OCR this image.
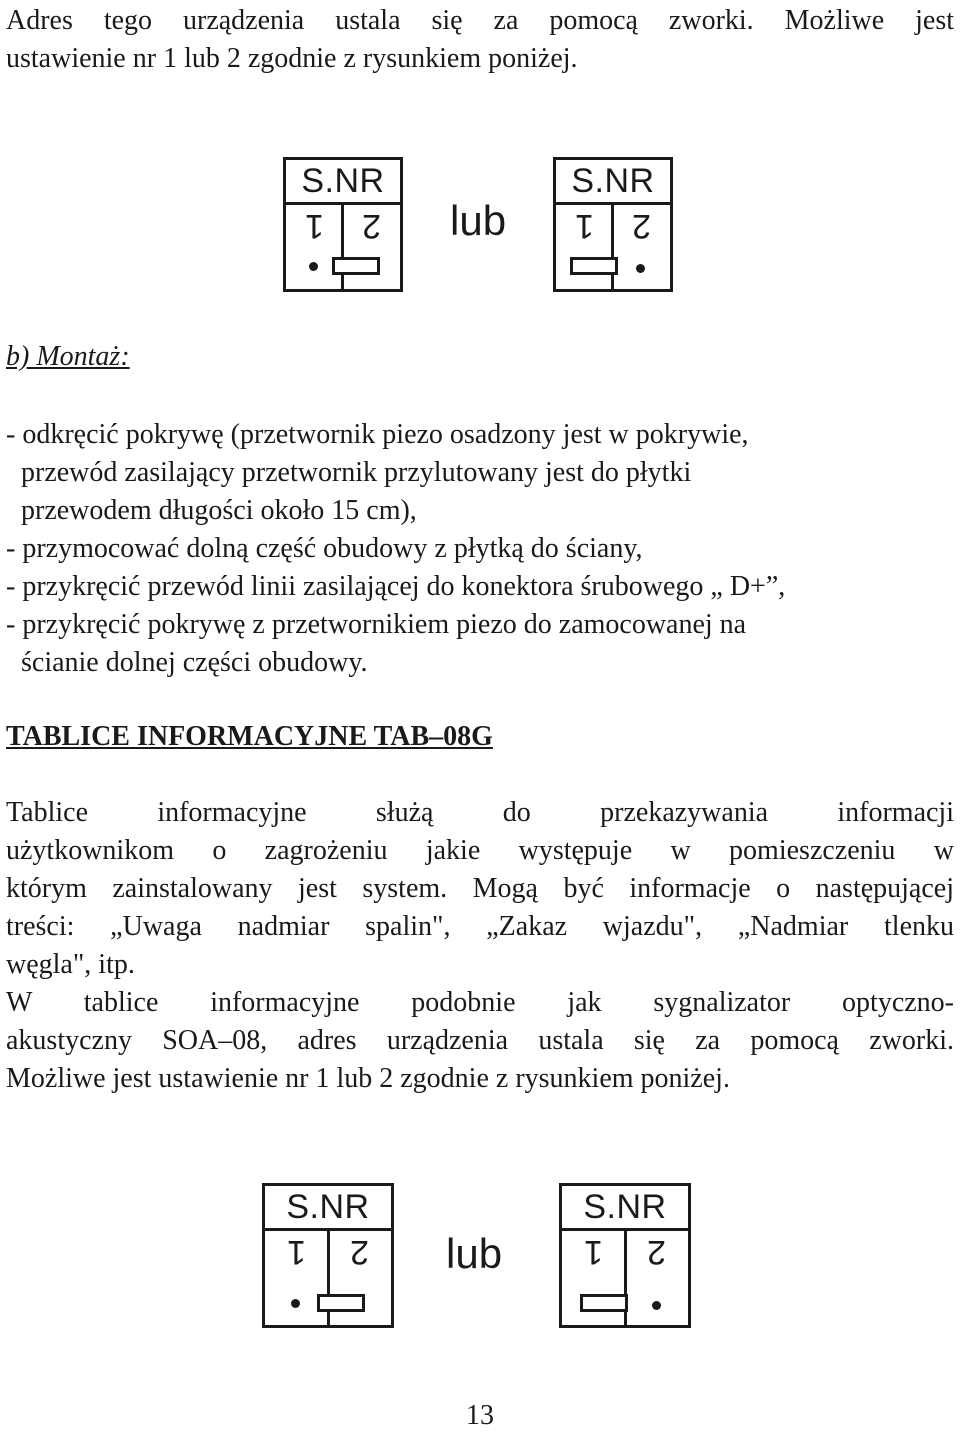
Adres tego urządzenia ustala się za pomocą zworki. Możliwe jest
ustawienie nr 1 lub 2 zgodnie z rysunkiem poniżej.
S.NR
1	2	lub
S.NR
1	2
b) Montaż:
- odkręcić pokrywę (przetwornik piezo osadzony jest w pokrywie,
przewód zasilający przetwornik przylutowany jest do płytki
przewodem długości około 15 cm),
- przymocować dolną część obudowy z płytką do ściany,
- przykręcić przewód linii zasilającej do konektora śrubowego „ D+”,
- przykręcić pokrywę z przetwornikiem piezo do zamocowanej na
ścianie dolnej części obudowy.
TABLICE INFORMACYJNE TAB–08G
Tablice informacyjne służą do przekazywania informacji
użytkownikom o zagrożeniu jakie występuje w pomieszczeniu w
którym zainstalowany jest system. Mogą być informacje o następującej
treści: „Uwaga nadmiar spalin", „Zakaz wjazdu", „Nadmiar tlenku
węgla", itp.
W tablice informacyjne podobnie jak sygnalizator optyczno-
akustyczny SOA–08, adres urządzenia ustala się za pomocą zworki.
Możliwe jest ustawienie nr 1 lub 2 zgodnie z rysunkiem poniżej.
S.NR
1	2	lub
S.NR
1	2
13
